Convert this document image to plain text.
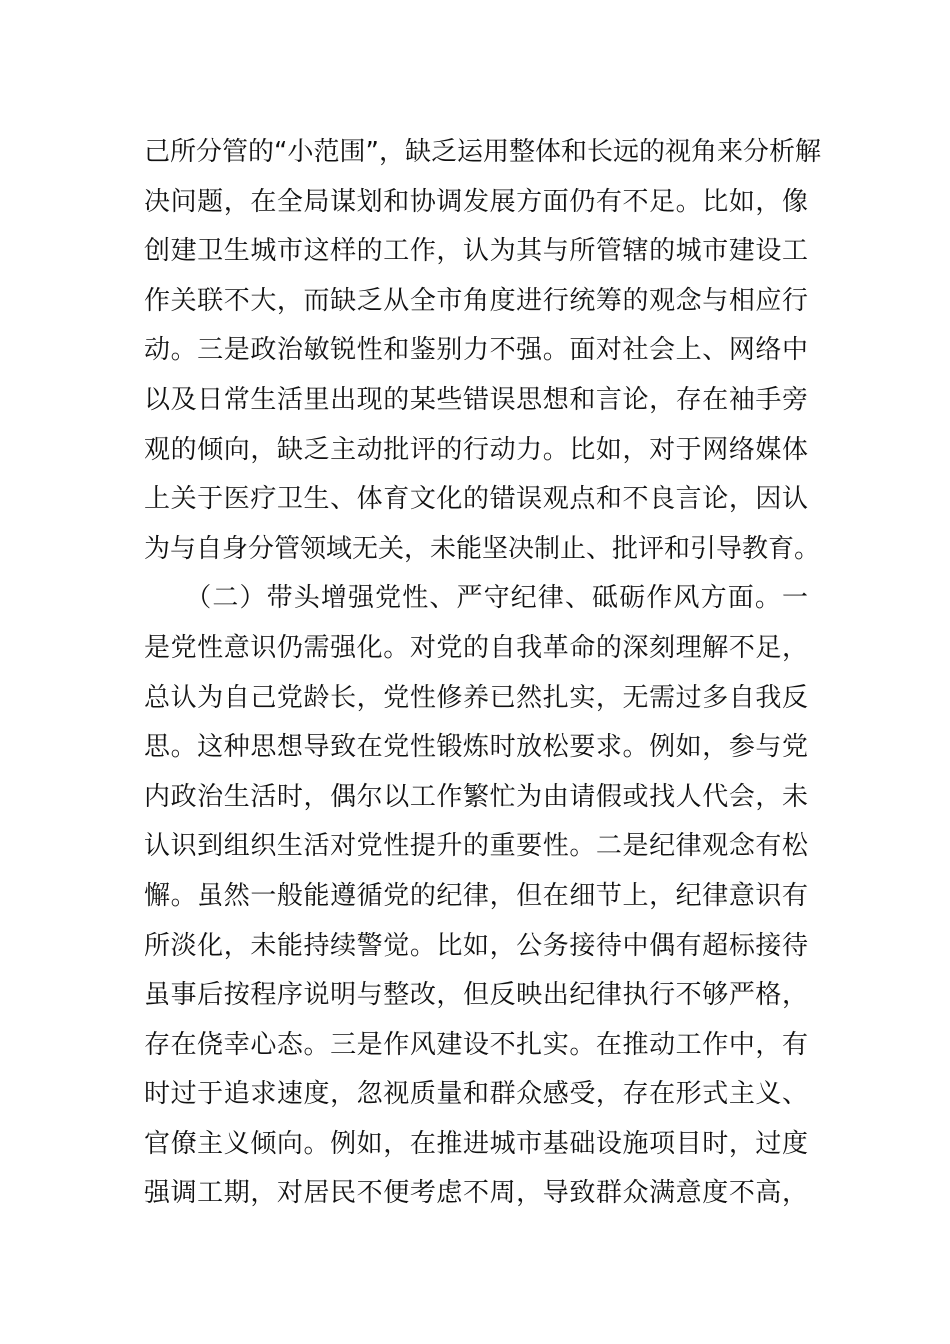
己所分管的“小范围”，缺乏运用整体和长远的视角来分析解
决问题，在全局谋划和协调发展方面仍有不足。比如，像
创建卫生城市这样的工作，认为其与所管辖的城市建设工
作关联不大，而缺乏从全市角度进行统筹的观念与相应行
动。三是政治敏锐性和鉴别力不强。面对社会上、网络中
以及日常生活里出现的某些错误思想和言论，存在袖手旁
观的倾向，缺乏主动批评的行动力。比如，对于网络媒体
上关于医疗卫生、体育文化的错误观点和不良言论，因认
为与自身分管领域无关，未能坚决制止、批评和引导教育。
　　（二）带头增强党性、严守纪律、砥砺作风方面。一
是党性意识仍需强化。对党的自我革命的深刻理解不足，
总认为自己党龄长，党性修养已然扎实，无需过多自我反
思。这种思想导致在党性锻炼时放松要求。例如，参与党
内政治生活时，偶尔以工作繁忙为由请假或找人代会，未
认识到组织生活对党性提升的重要性。二是纪律观念有松
懈。虽然一般能遵循党的纪律，但在细节上，纪律意识有
所淡化，未能持续警觉。比如，公务接待中偶有超标接待
虽事后按程序说明与整改，但反映出纪律执行不够严格，
存在侥幸心态。三是作风建设不扎实。在推动工作中，有
时过于追求速度，忽视质量和群众感受，存在形式主义、
官僚主义倾向。例如，在推进城市基础设施项目时，过度
强调工期，对居民不便考虑不周，导致群众满意度不高，
